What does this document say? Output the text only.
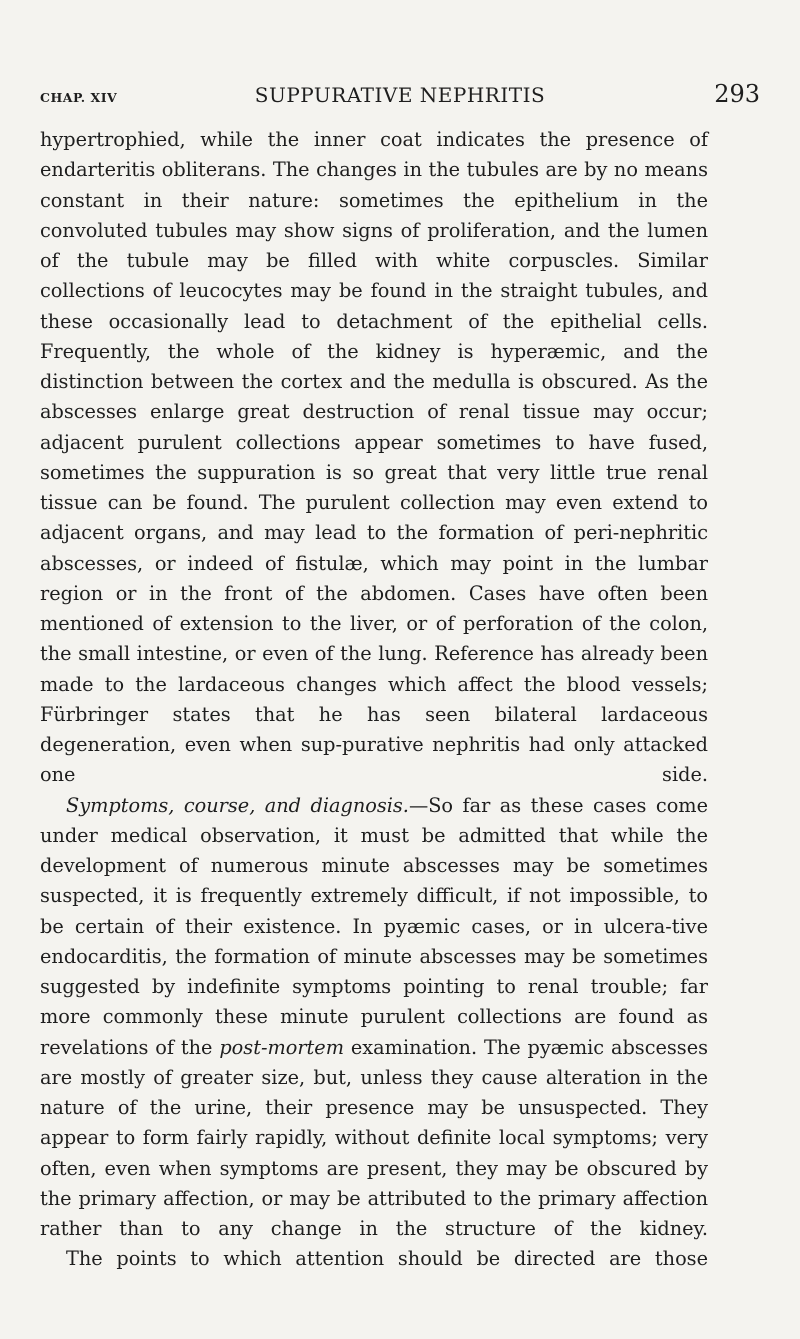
CHAP. XIV	SUPPURATIVE NEPHRITIS	293

hypertrophied, while the inner coat indicates the presence of endarteritis obliterans. The changes in the tubules are by no means constant in their nature: sometimes the epithelium in the convoluted tubules may show signs of proliferation, and the lumen of the tubule may be filled with white corpuscles. Similar collections of leucocytes may be found in the straight tubules, and these occasionally lead to detachment of the epithelial cells. Frequently, the whole of the kidney is hyperæmic, and the distinction between the cortex and the medulla is obscured. As the abscesses enlarge great destruction of renal tissue may occur; adjacent purulent collections appear sometimes to have fused, sometimes the suppuration is so great that very little true renal tissue can be found. The purulent collection may even extend to adjacent organs, and may lead to the formation of peri-nephritic abscesses, or indeed of fistulæ, which may point in the lumbar region or in the front of the abdomen. Cases have often been mentioned of extension to the liver, or of perforation of the colon, the small intestine, or even of the lung. Reference has already been made to the lardaceous changes which affect the blood vessels; Fürbringer states that he has seen bilateral lardaceous degeneration, even when sup-purative nephritis had only attacked one side.

Symptoms, course, and diagnosis.—So far as these cases come under medical observation, it must be admitted that while the development of numerous minute abscesses may be sometimes suspected, it is frequently extremely difficult, if not impossible, to be certain of their existence. In pyæmic cases, or in ulcera-tive endocarditis, the formation of minute abscesses may be sometimes suggested by indefinite symptoms pointing to renal trouble; far more commonly these minute purulent collections are found as revelations of the post-mortem examination. The pyæmic abscesses are mostly of greater size, but, unless they cause alteration in the nature of the urine, their presence may be unsuspected. They appear to form fairly rapidly, without definite local symptoms; very often, even when symptoms are present, they may be obscured by the primary affection, or may be attributed to the primary affection rather than to any change in the structure of the kidney.

The points to which attention should be directed are those
